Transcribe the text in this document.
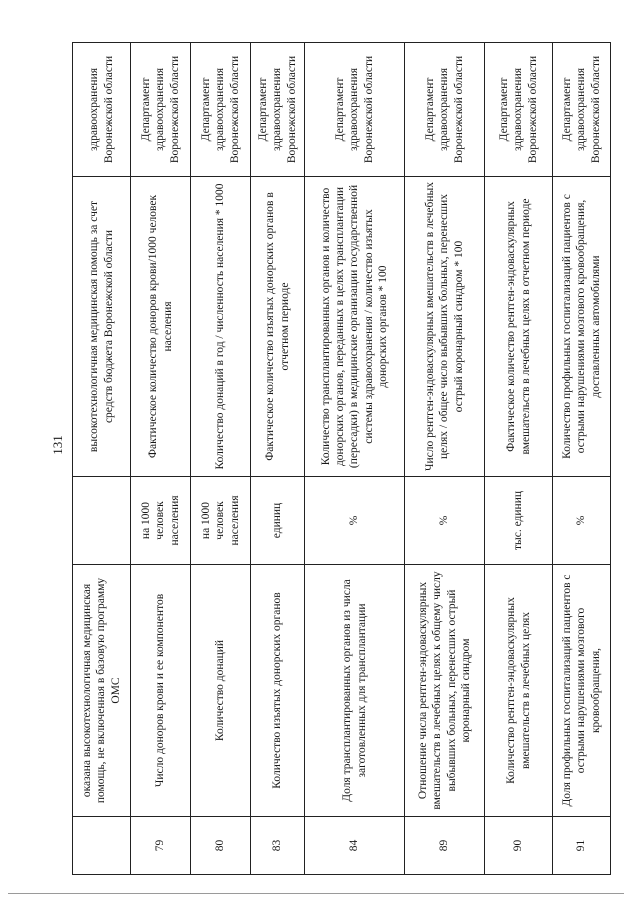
131
	оказана высокотехнологичная медицинская помощь, не включенная в базовую программу ОМС		высокотехнологичная медицинская помощь за счет средств бюджета Воронежской области	здравоохранения Воронежской области
79	Число доноров крови и ее компонентов	на 1000 человек населения	Фактическое количество доноров крови/1000 человек населения	Департамент здравоохранения Воронежской области
80	Количество донаций	на 1000 человек населения	Количество донаций в год / численность населения * 1000	Департамент здравоохранения Воронежской области
83	Количество изъятых донорских органов	единиц	Фактическое количество изъятых донорских органов в отчетном периоде	Департамент здравоохранения Воронежской области
84	Доля трансплантированных органов из числа заготовленных для трансплантации	%	Количество трансплантированных органов и количество донорских органов, переданных в целях трансплантации (пересадки) в медицинские организации государственной системы здравоохранения / количество изъятых донорских органов * 100	Департамент здравоохранения Воронежской области
89	Отношение числа рентген-эндоваскулярных вмешательств в лечебных целях к общему числу выбывших больных, перенесших острый коронарный синдром	%	Число рентген-эндоваскулярных вмешательств в лечебных целях / общее число выбывших больных, перенесших острый коронарный синдром * 100	Департамент здравоохранения Воронежской области
90	Количество рентген-эндоваскулярных вмешательств в лечебных целях	тыс. единиц	Фактическое количество рентген-эндоваскулярных вмешательств в лечебных целях в отчетном периоде	Департамент здравоохранения Воронежской области
91	Доля профильных госпитализаций пациентов с острыми нарушениями мозгового кровообращения,	%	Количество профильных госпитализаций пациентов с острыми нарушениями мозгового кровообращения, доставленных автомобилями	Департамент здравоохранения Воронежской области
